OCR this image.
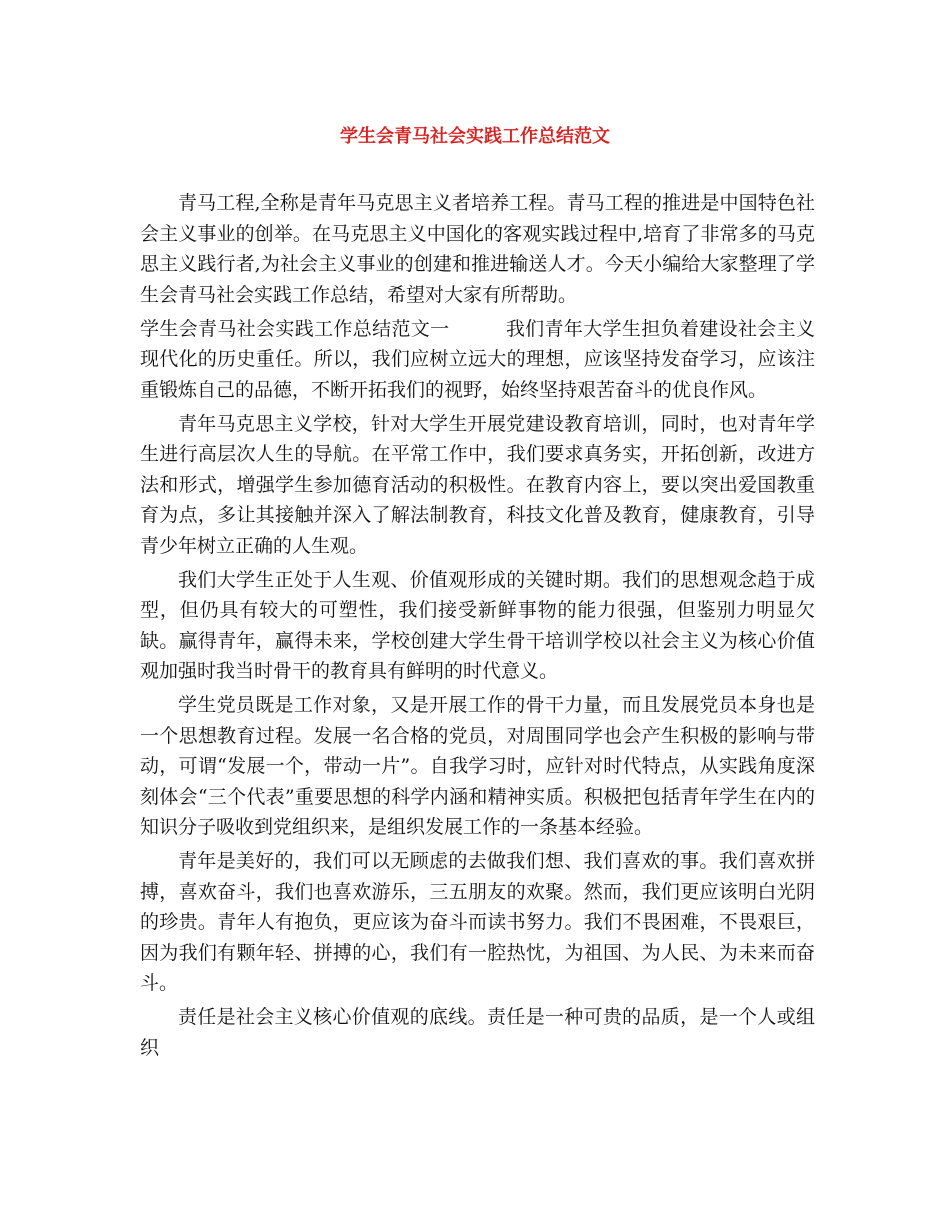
学生会青马社会实践工作总结范文

青马工程,全称是青年马克思主义者培养工程。青马工程的推进是中国特色社会主义事业的创举。在马克思主义中国化的客观实践过程中,培育了非常多的马克思主义践行者,为社会主义事业的创建和推进输送人才。今天小编给大家整理了学生会青马社会实践工作总结，希望对大家有所帮助。

学生会青马社会实践工作总结范文一	我们青年大学生担负着建设社会主义现代化的历史重任。所以，我们应树立远大的理想，应该坚持发奋学习，应该注重锻炼自己的品德，不断开拓我们的视野，始终坚持艰苦奋斗的优良作风。

青年马克思主义学校，针对大学生开展党建设教育培训，同时，也对青年学生进行高层次人生的导航。在平常工作中，我们要求真务实，开拓创新，改进方法和形式，增强学生参加德育活动的积极性。在教育内容上，要以突出爱国教重育为点，多让其接触并深入了解法制教育，科技文化普及教育，健康教育，引导青少年树立正确的人生观。

我们大学生正处于人生观、价值观形成的关键时期。我们的思想观念趋于成型，但仍具有较大的可塑性，我们接受新鲜事物的能力很强，但鉴别力明显欠缺。赢得青年，赢得未来，学校创建大学生骨干培训学校以社会主义为核心价值观加强时我当时骨干的教育具有鲜明的时代意义。

学生党员既是工作对象，又是开展工作的骨干力量，而且发展党员本身也是一个思想教育过程。发展一名合格的党员，对周围同学也会产生积极的影响与带动，可谓“发展一个，带动一片”。自我学习时，应针对时代特点，从实践角度深刻体会“三个代表”重要思想的科学内涵和精神实质。积极把包括青年学生在内的知识分子吸收到党组织来，是组织发展工作的一条基本经验。

青年是美好的，我们可以无顾虑的去做我们想、我们喜欢的事。我们喜欢拼搏，喜欢奋斗，我们也喜欢游乐，三五朋友的欢聚。然而，我们更应该明白光阴的珍贵。青年人有抱负，更应该为奋斗而读书努力。我们不畏困难，不畏艰巨，因为我们有颗年轻、拼搏的心，我们有一腔热忱，为祖国、为人民、为未来而奋斗。

责任是社会主义核心价值观的底线。责任是一种可贵的品质，是一个人或组织
